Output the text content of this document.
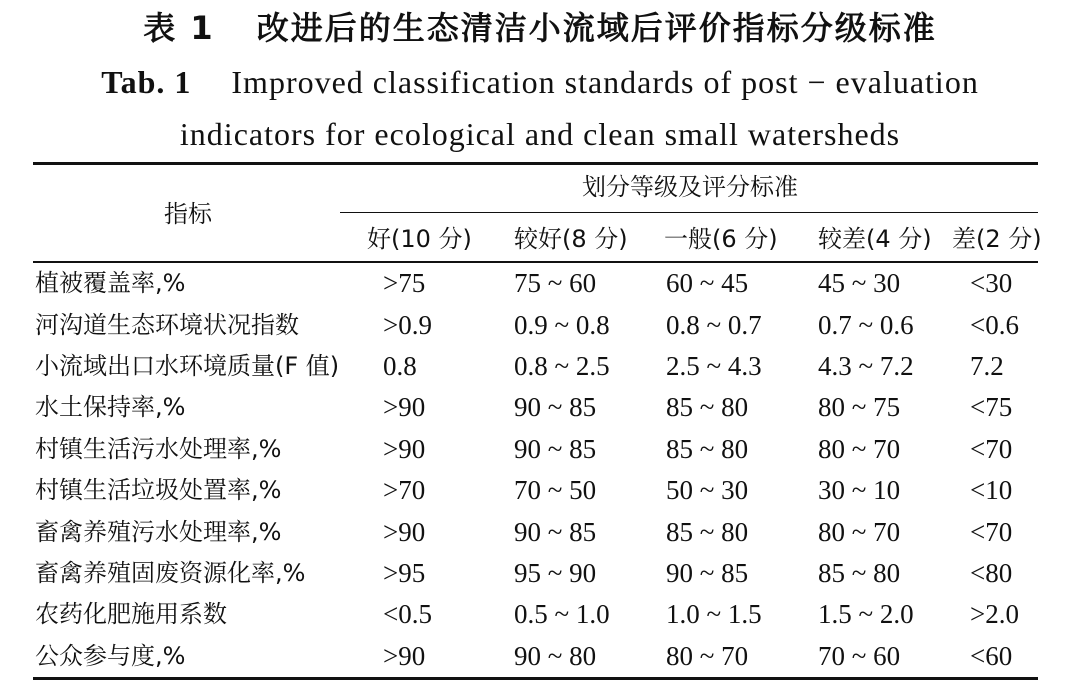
表 1 改进后的生态清洁小流域后评价指标分级标准
Tab. 1 Improved classification standards of post − evaluation
indicators for ecological and clean small watersheds
指标
划分等级及评分标准
好(10 分) 较好(8 分) 一般(6 分) 较差(4 分) 差(2 分)
植被覆盖率,%	>75	75 ~ 60	60 ~ 45	45 ~ 30	<30
河沟道生态环境状况指数	>0.9	0.9 ~ 0.8	0.8 ~ 0.7	0.7 ~ 0.6	<0.6
小流域出口水环境质量(F 值)	0.8	0.8 ~ 2.5	2.5 ~ 4.3	4.3 ~ 7.2	7.2
水土保持率,%	>90	90 ~ 85	85 ~ 80	80 ~ 75	<75
村镇生活污水处理率,%	>90	90 ~ 85	85 ~ 80	80 ~ 70	<70
村镇生活垃圾处置率,%	>70	70 ~ 50	50 ~ 30	30 ~ 10	<10
畜禽养殖污水处理率,%	>90	90 ~ 85	85 ~ 80	80 ~ 70	<70
畜禽养殖固废资源化率,%	>95	95 ~ 90	90 ~ 85	85 ~ 80	<80
农药化肥施用系数	<0.5	0.5 ~ 1.0	1.0 ~ 1.5	1.5 ~ 2.0	>2.0
公众参与度,%	>90	90 ~ 80	80 ~ 70	70 ~ 60	<60
